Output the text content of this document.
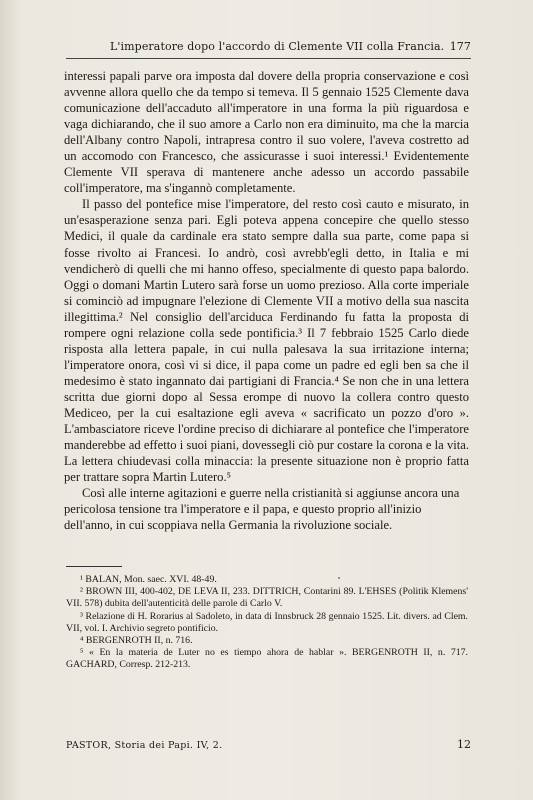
L'imperatore dopo l'accordo di Clemente VII colla Francia. 177

interessi papali parve ora imposta dal dovere della propria conservazione e così avvenne allora quello che da tempo si temeva. Il 5 gennaio 1525 Clemente dava comunicazione dell'accaduto all'imperatore in una forma la più riguardosa e vaga dichiarando, che il suo amore a Carlo non era diminuito, ma che la marcia dell'Albany contro Napoli, intrapresa contro il suo volere, l'aveva costretto ad un accomodo con Francesco, che assicurasse i suoi interessi.¹ Evidentemente Clemente VII sperava di mantenere anche adesso un accordo passabile coll'imperatore, ma s'ingannò completamente.

Il passo del pontefice mise l'imperatore, del resto così cauto e misurato, in un'esasperazione senza pari. Egli poteva appena concepire che quello stesso Medici, il quale da cardinale era stato sempre dalla sua parte, come papa si fosse rivolto ai Francesi. Io andrò, così avrebb'egli detto, in Italia e mi vendicherò di quelli che mi hanno offeso, specialmente di questo papa balordo. Oggi o domani Martin Lutero sarà forse un uomo prezioso. Alla corte imperiale si cominciò ad impugnare l'elezione di Clemente VII a motivo della sua nascita illegittima.² Nel consiglio dell'arciduca Ferdinando fu fatta la proposta di rompere ogni relazione colla sede pontificia.³ Il 7 febbraio 1525 Carlo diede risposta alla lettera papale, in cui nulla palesava la sua irritazione interna; l'imperatore onora, così vi si dice, il papa come un padre ed egli ben sa che il medesimo è stato ingannato dai partigiani di Francia.⁴ Se non che in una lettera scritta due giorni dopo al Sessa erompe di nuovo la collera contro questo Mediceo, per la cui esaltazione egli aveva « sacrificato un pozzo d'oro ». L'ambasciatore riceve l'ordine preciso di dichiarare al pontefice che l'imperatore manderebbe ad effetto i suoi piani, dovessegli ciò pur costare la corona e la vita. La lettera chiudevasi colla minaccia: la presente situazione non è proprio fatta per trattare sopra Martin Lutero.⁵

Così alle interne agitazioni e guerre nella cristianità si aggiunse ancora una pericolosa tensione tra l'imperatore e il papa, e questo proprio all'inizio dell'anno, in cui scoppiava nella Germania la rivoluzione sociale.

¹ BALAN, Mon. saec. XVI. 48-49.

² BROWN III, 400-402, DE LEVA II, 233. DITTRICH, Contarini 89. L'EHSES (Politik Klemens' VII. 578) dubita dell'autenticità delle parole di Carlo V.

³ Relazione di H. Rorarius al Sadoleto, in data di Innsbruck 28 gennaio 1525. Lit. divers. ad Clem. VII, vol. I. Archivio segreto pontificio.

⁴ BERGENROTH II, n. 716.

⁵ « En la materia de Luter no es tiempo ahora de hablar ». BERGENROTH II, n. 717. GACHARD, Corresp. 212-213.

PASTOR, Storia dei Papi. IV, 2.	12
